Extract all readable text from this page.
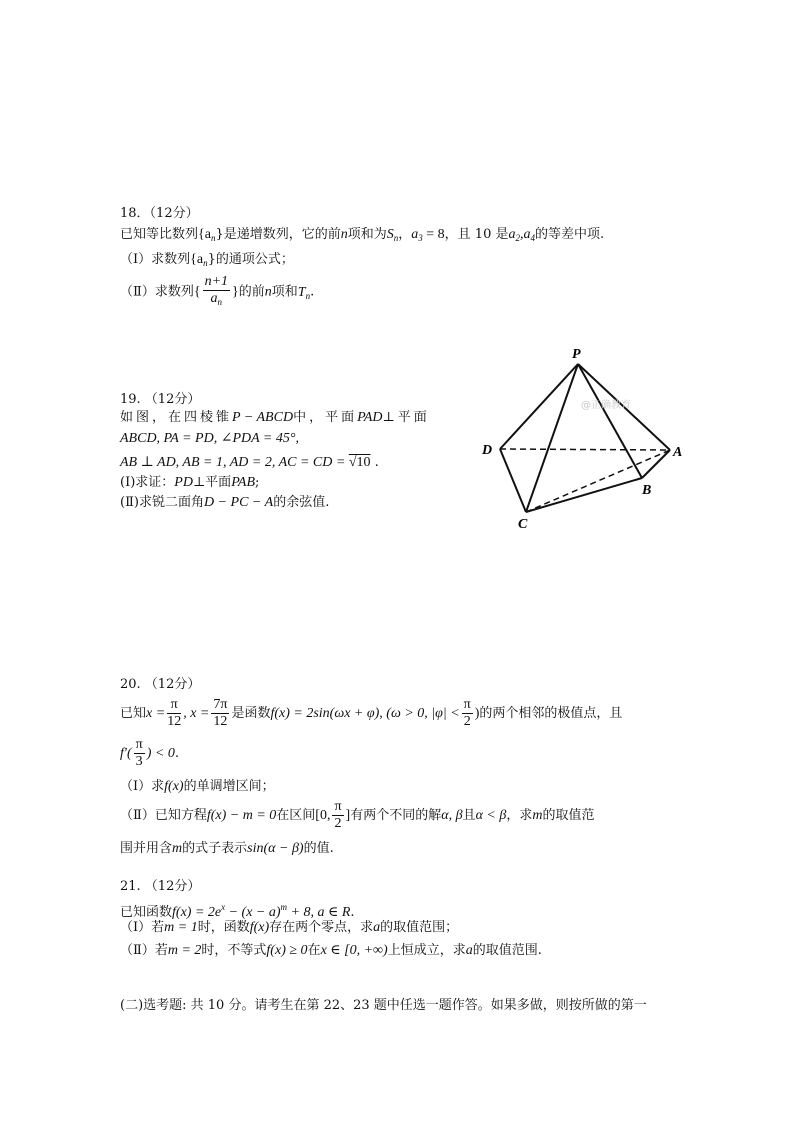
18．（12分）
已知等比数列$\{a_n\}$是递增数列，它的前n项和为$S_n$，$a_3 = 8$，且 10 是$a_2,a_4$的等差中项.
（Ⅰ）求数列$\{a_n\}$的通项公式；
（Ⅱ）求数列{ $\frac{n+1}{a_n}$ }的前n项和$T_n$.
19. （12分）
如图，在四棱锥P − ABCD中，平面PAD⊥平面
ABCD, PA = PD, ∠PDA = 45°,
AB ⊥ AD, AB = 1, AD = 2, AC = CD = √10 .
(Ⅰ)求证：PD⊥平面PAB;
(Ⅱ)求锐二面角D − PC − A的余弦值.
P
D	A
B
C
@正确教育
20. （12分）
已知$x = \frac{\pi}{12}$ , $x = \frac{7\pi}{12}$ 是函数f(x) = 2sin(ωx + φ), (ω > 0, $|\varphi| < \frac{\pi}{2}$ )的两个相邻的极值点，且
$f'( \frac{\pi}{3}$ ) < 0.
（Ⅰ）求f(x)的单调增区间；
（Ⅱ）已知方程f(x) − m = 0在区间[0, $\frac{\pi}{2}$ ]有两个不同的解α, β且α < β，求m的取值范
围并用含m的式子表示sin(α − β)的值.
21. （12分）
已知函数$f(x) = 2e^x - (x - a)^m + 8$, a ∈ R.
（Ⅰ）若m = 1时，函数f(x)存在两个零点，求a的取值范围；
（Ⅱ）若m = 2时，不等式f(x) ≥ 0在x ∈ [0, +∞)上恒成立，求a的取值范围.
(二)选考题: 共 10 分。请考生在第 22、23 题中任选一题作答。如果多做，则按所做的第一
